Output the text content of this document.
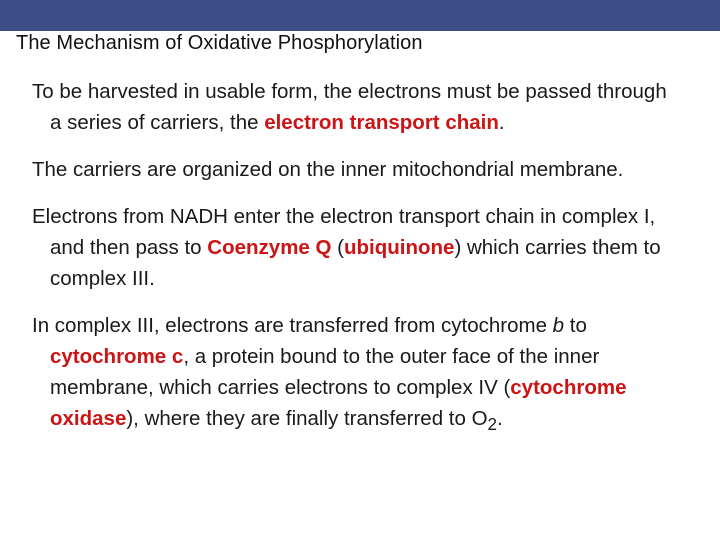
The Mechanism of Oxidative Phosphorylation

To be harvested in usable form, the electrons must be passed through a series of carriers, the electron transport chain.

The carriers are organized on the inner mitochondrial membrane.

Electrons from NADH enter the electron transport chain in complex I, and then pass to Coenzyme Q (ubiquinone) which carries them to complex III.

In complex III, electrons are transferred from cytochrome b to cytochrome c, a protein bound to the outer face of the inner membrane, which carries electrons to complex IV (cytochrome oxidase), where they are finally transferred to $O_2$.
